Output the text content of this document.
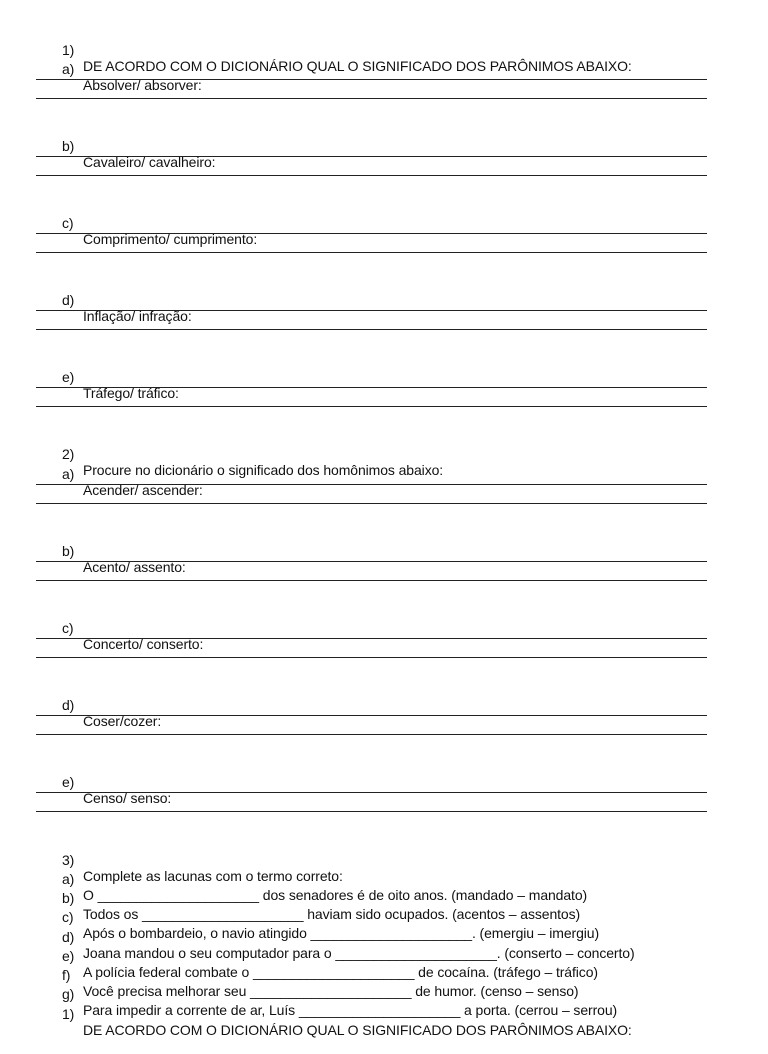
1)

DE ACORDO COM O DICIONÁRIO QUAL O SIGNIFICADO DOS PARÔNIMOS ABAIXO:

a)

Absolver/ absorver:

b)

Cavaleiro/ cavalheiro:

c)

Comprimento/ cumprimento:

d)

Inflação/ infração:

e)

Tráfego/ tráfico:

2)

Procure no dicionário o significado dos homônimos abaixo:

a)

Acender/ ascender:

b)

Acento/ assento:

c)

Concerto/ conserto:

d)

Coser/cozer:

e)

Censo/ senso:

3)

Complete as lacunas com o termo correto:

a)

O _____________________ dos senadores é de oito anos. (mandado – mandato)

b)

Todos os _____________________ haviam sido ocupados. (acentos – assentos)

c)

Após o bombardeio, o navio atingido _____________________. (emergiu – imergiu)

d)

Joana mandou o seu computador para o _____________________. (conserto – concerto)

e)

A polícia federal combate o _____________________ de cocaína. (tráfego – tráfico)

f)

Você precisa melhorar seu _____________________ de humor. (censo – senso)

g)

Para impedir a corrente de ar, Luís _____________________ a porta. (cerrou – serrou)

1)

DE ACORDO COM O DICIONÁRIO QUAL O SIGNIFICADO DOS PARÔNIMOS ABAIXO:
